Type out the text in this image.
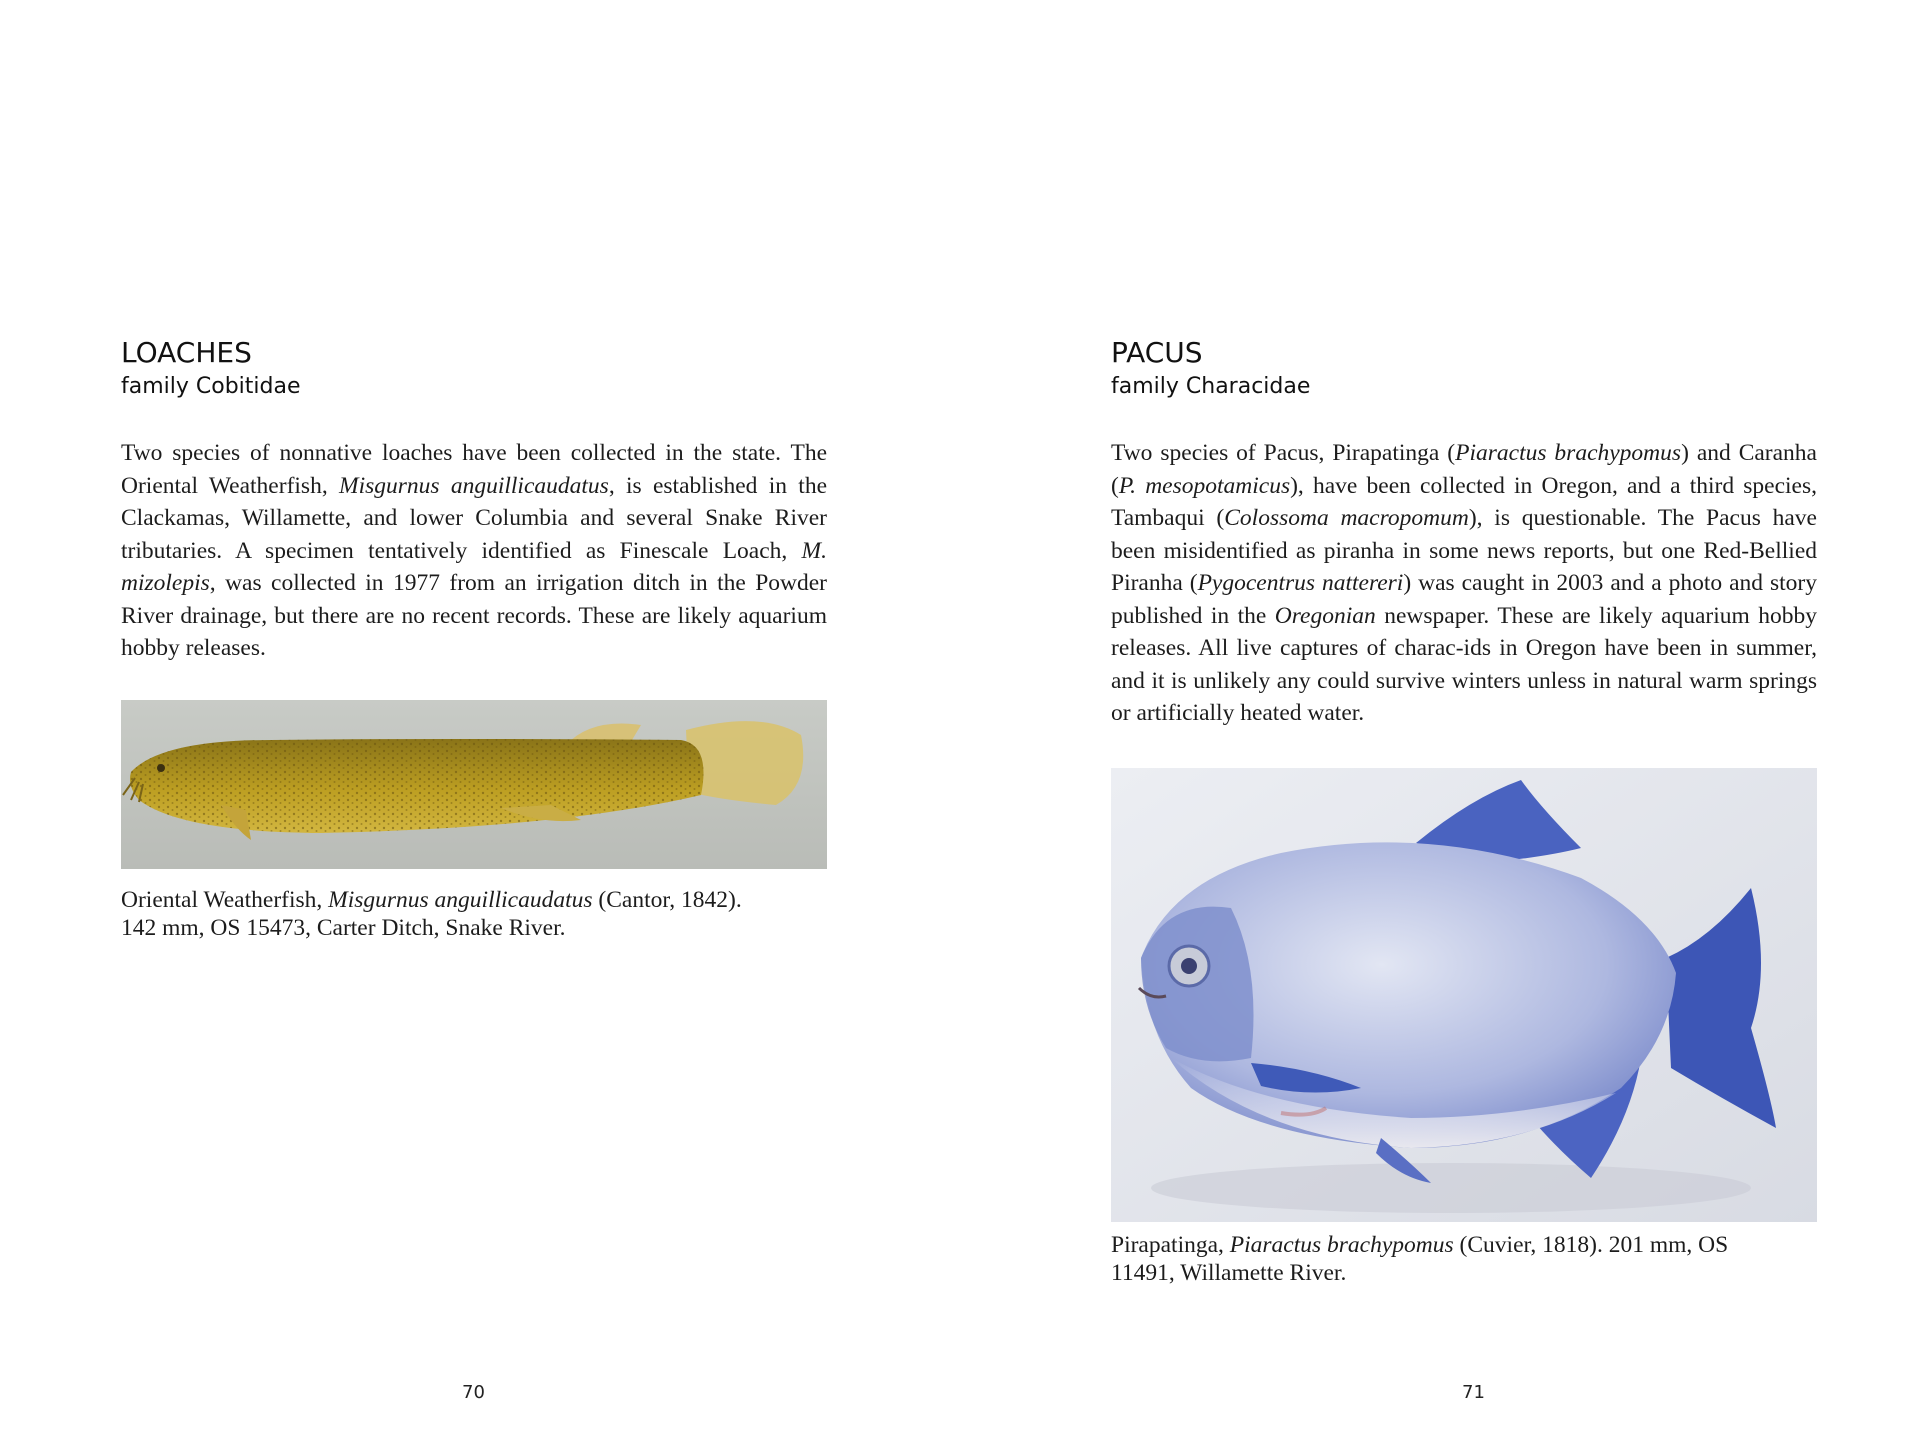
LOACHES
family Cobitidae

Two species of nonnative loaches have been collected in the state. The Oriental Weatherfish, Misgurnus anguillicaudatus, is established in the Clackamas, Willamette, and lower Columbia and several Snake River tributaries. A specimen tentatively identified as Finescale Loach, M. mizolepis, was collected in 1977 from an irrigation ditch in the Powder River drainage, but there are no recent records. These are likely aquarium hobby releases.

Oriental Weatherfish, Misgurnus anguillicaudatus (Cantor, 1842).
142 mm, OS 15473, Carter Ditch, Snake River.

70
PACUS
family Characidae

Two species of Pacus, Pirapatinga (Piaractus brachypomus) and Caranha (P. mesopotamicus), have been collected in Oregon, and a third species, Tambaqui (Colossoma macropomum), is questionable. The Pacus have been misidentified as piranha in some news reports, but one Red-Bellied Piranha (Pygocentrus nattereri) was caught in 2003 and a photo and story published in the Oregonian newspaper. These are likely aquarium hobby releases. All live captures of charac-ids in Oregon have been in summer, and it is unlikely any could survive winters unless in natural warm springs or artificially heated water.

Pirapatinga, Piaractus brachypomus (Cuvier, 1818). 201 mm, OS
11491, Willamette River.

71
